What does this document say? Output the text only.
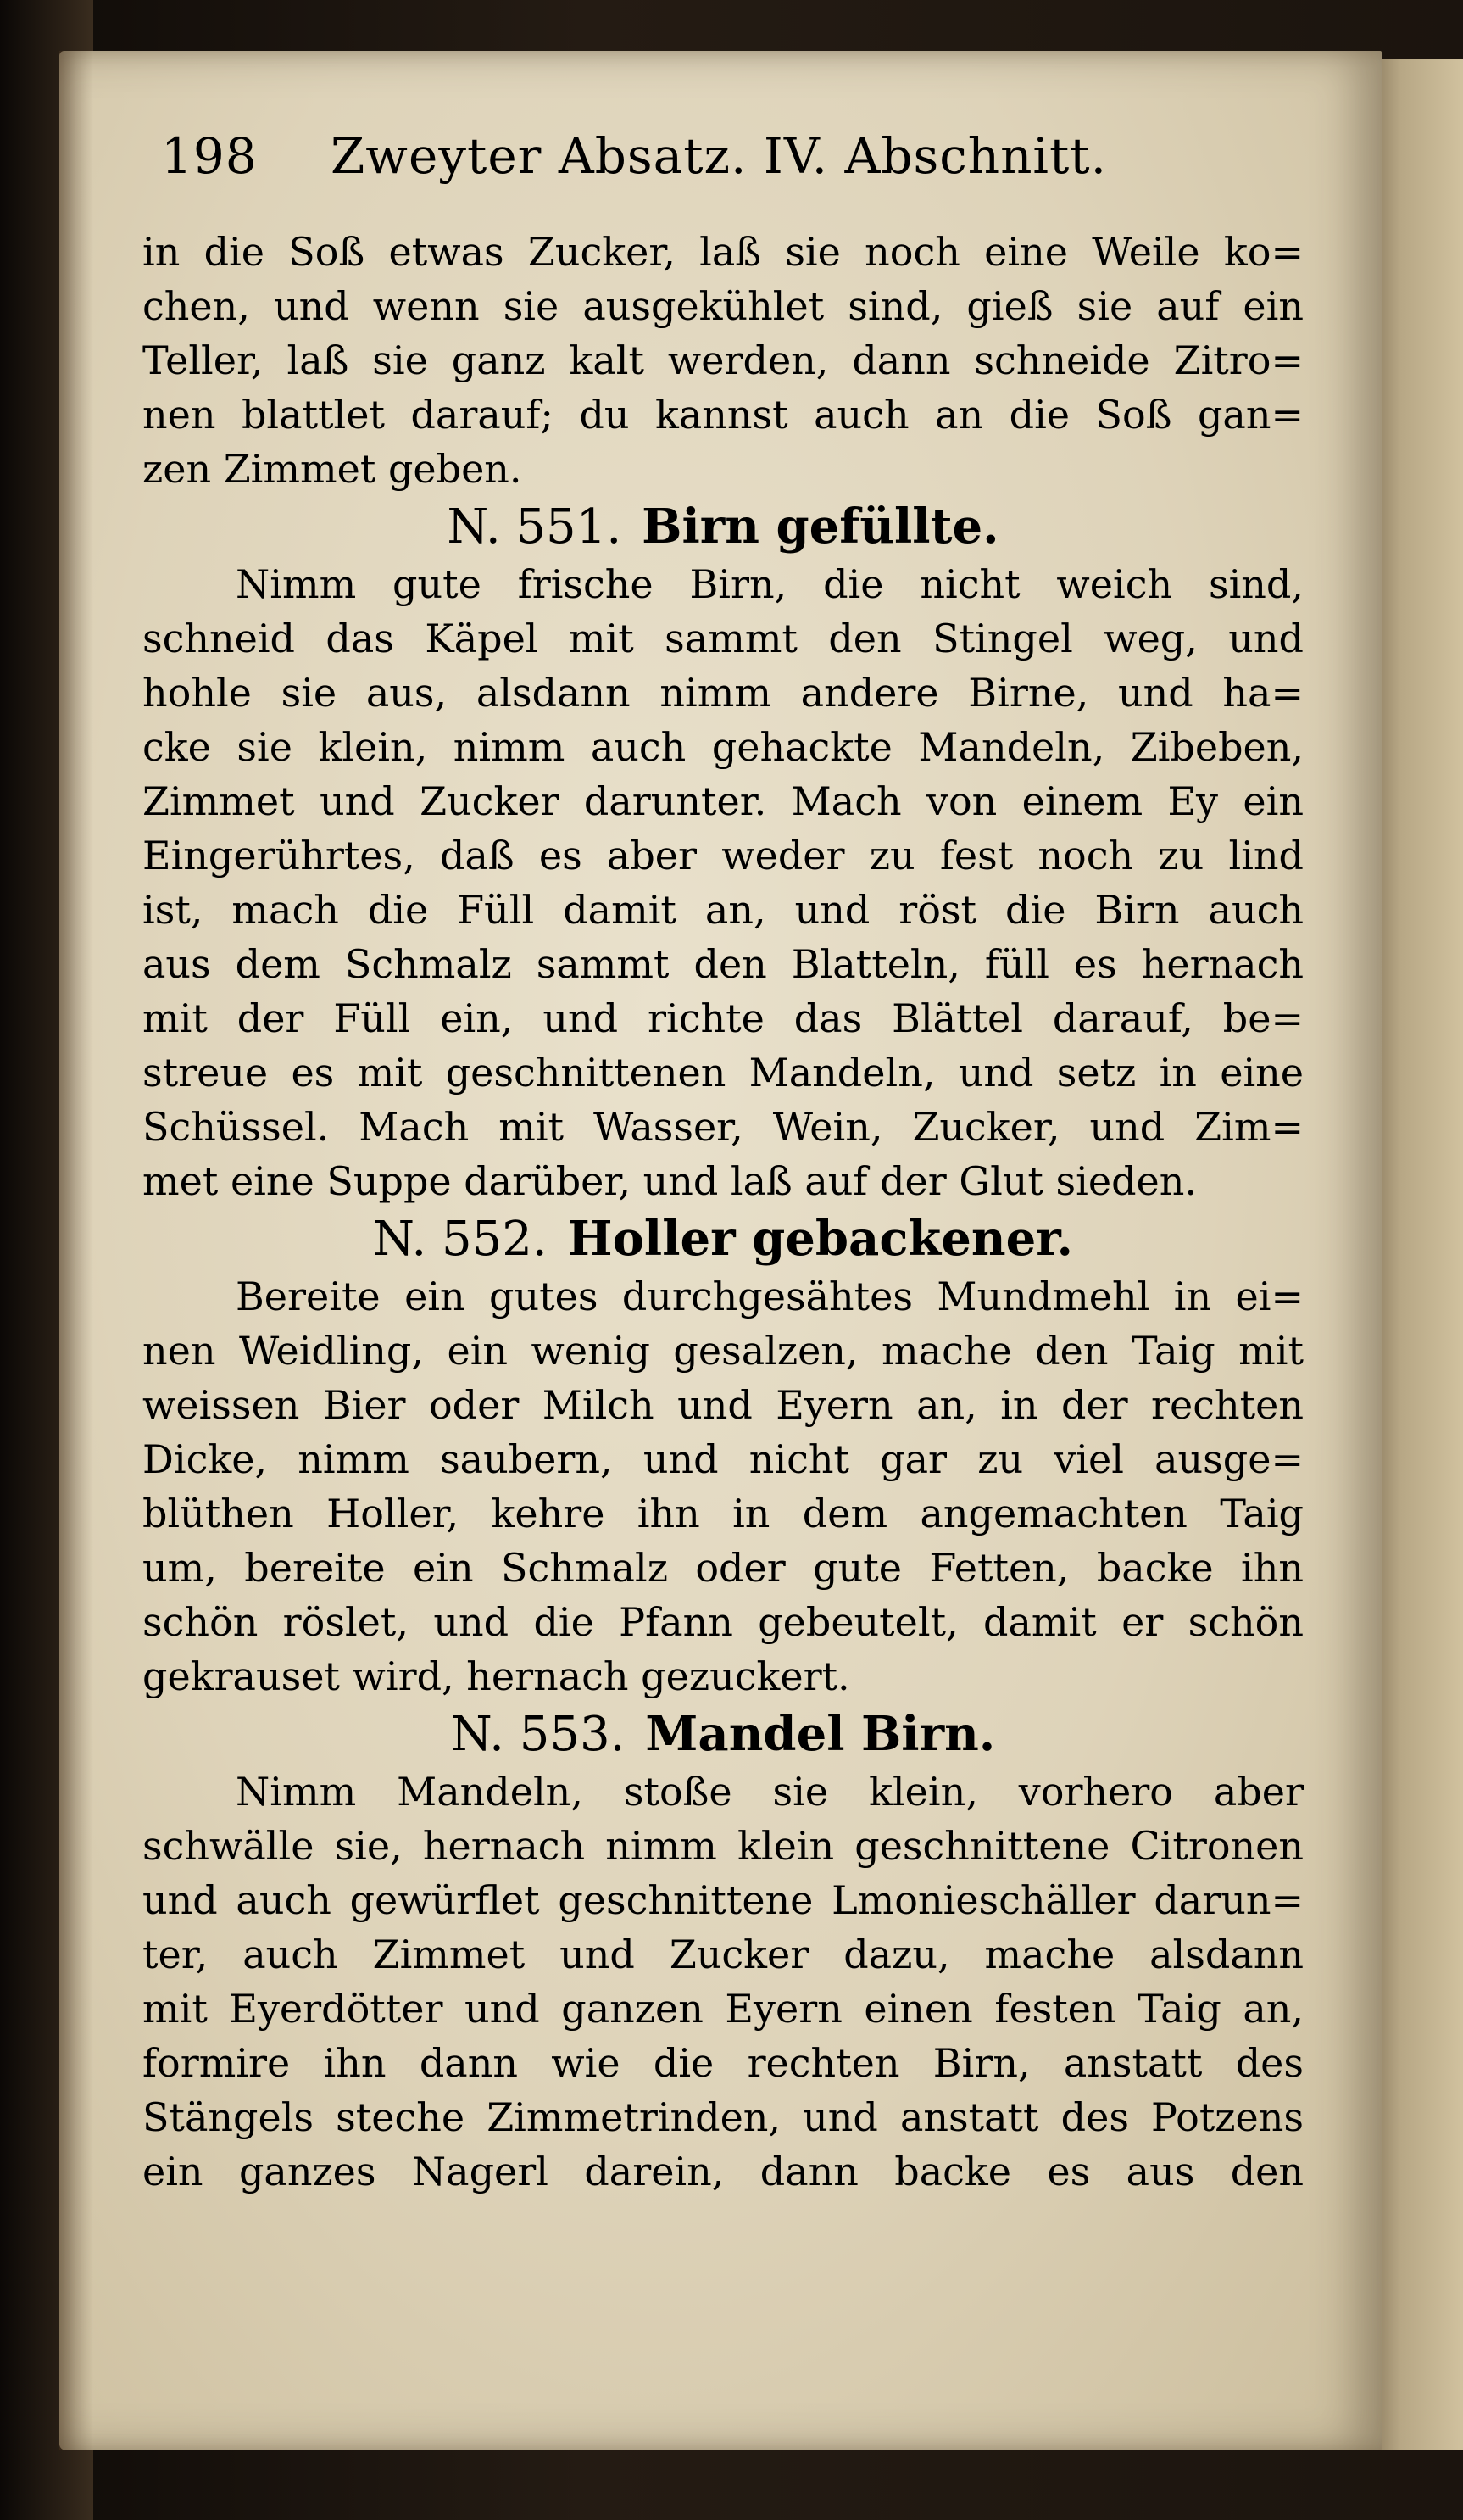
198	Zweyter Absatz. IV. Abschnitt.
in die Soß etwas Zucker, laß sie noch eine Weile ko=
chen, und wenn sie ausgekühlet sind, gieß sie auf ein
Teller, laß sie ganz kalt werden, dann schneide Zitro=
nen blattlet darauf; du kannst auch an die Soß gan=
zen Zimmet geben.
N. 551. Birn gefüllte.
Nimm gute frische Birn, die nicht weich sind,
schneid das Käpel mit sammt den Stingel weg, und
hohle sie aus, alsdann nimm andere Birne, und ha=
cke sie klein, nimm auch gehackte Mandeln, Zibeben,
Zimmet und Zucker darunter. Mach von einem Ey ein
Eingerührtes, daß es aber weder zu fest noch zu lind
ist, mach die Füll damit an, und röst die Birn auch
aus dem Schmalz sammt den Blatteln, füll es hernach
mit der Füll ein, und richte das Blättel darauf, be=
streue es mit geschnittenen Mandeln, und setz in eine
Schüssel. Mach mit Wasser, Wein, Zucker, und Zim=
met eine Suppe darüber, und laß auf der Glut sieden.
N. 552. Holler gebackener.
Bereite ein gutes durchgesähtes Mundmehl in ei=
nen Weidling, ein wenig gesalzen, mache den Taig mit
weissen Bier oder Milch und Eyern an, in der rechten
Dicke, nimm saubern, und nicht gar zu viel ausge=
blüthen Holler, kehre ihn in dem angemachten Taig
um, bereite ein Schmalz oder gute Fetten, backe ihn
schön röslet, und die Pfann gebeutelt, damit er schön
gekrauset wird, hernach gezuckert.
N. 553. Mandel Birn.
Nimm Mandeln, stoße sie klein, vorhero aber
schwälle sie, hernach nimm klein geschnittene Citronen
und auch gewürflet geschnittene Lmonieschäller darun=
ter, auch Zimmet und Zucker dazu, mache alsdann
mit Eyerdötter und ganzen Eyern einen festen Taig an,
formire ihn dann wie die rechten Birn, anstatt des
Stängels steche Zimmetrinden, und anstatt des Potzens
ein ganzes Nagerl darein, dann backe es aus den
